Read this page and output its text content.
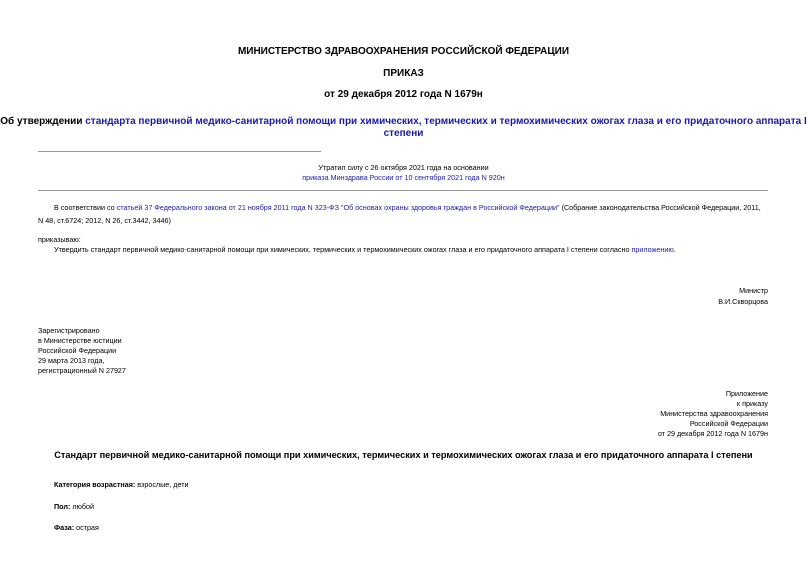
МИНИСТЕРСТВО ЗДРАВООХРАНЕНИЯ РОССИЙСКОЙ ФЕДЕРАЦИИ
ПРИКАЗ
от 29 декабря 2012 года N 1679н
Об утверждении стандарта первичной медико-санитарной помощи при химических, термических и термохимических ожогах глаза и его придаточного аппарата I
степени
Утратил силу с 26 октября 2021 года на основании
приказа Минздрава России от 10 сентября 2021 года N 920н
В соответствии со статьей 37 Федерального закона от 21 ноября 2011 года N 323-ФЗ "Об основах охраны здоровья граждан в Российской Федерации" (Собрание законодательства Российской Федерации, 2011,
N 48, ст.6724; 2012, N 26, ст.3442, 3446)
приказываю:
Утвердить стандарт первичной медико-санитарной помощи при химических, термических и термохимических ожогах глаза и его придаточного аппарата I степени согласно приложению.
Министр
В.И.Скворцова
Зарегистрировано
в Министерстве юстиции
Российской Федерации
29 марта 2013 года,
регистрационный N 27927
Приложение
к приказу
Министерства здравоохранения
Российской Федерации
от 29 декабря 2012 года N 1679н
Стандарт первичной медико-санитарной помощи при химических, термических и термохимических ожогах глаза и его придаточного аппарата I степени
Категория возрастная: взрослые, дети
Пол: любой
Фаза: острая
